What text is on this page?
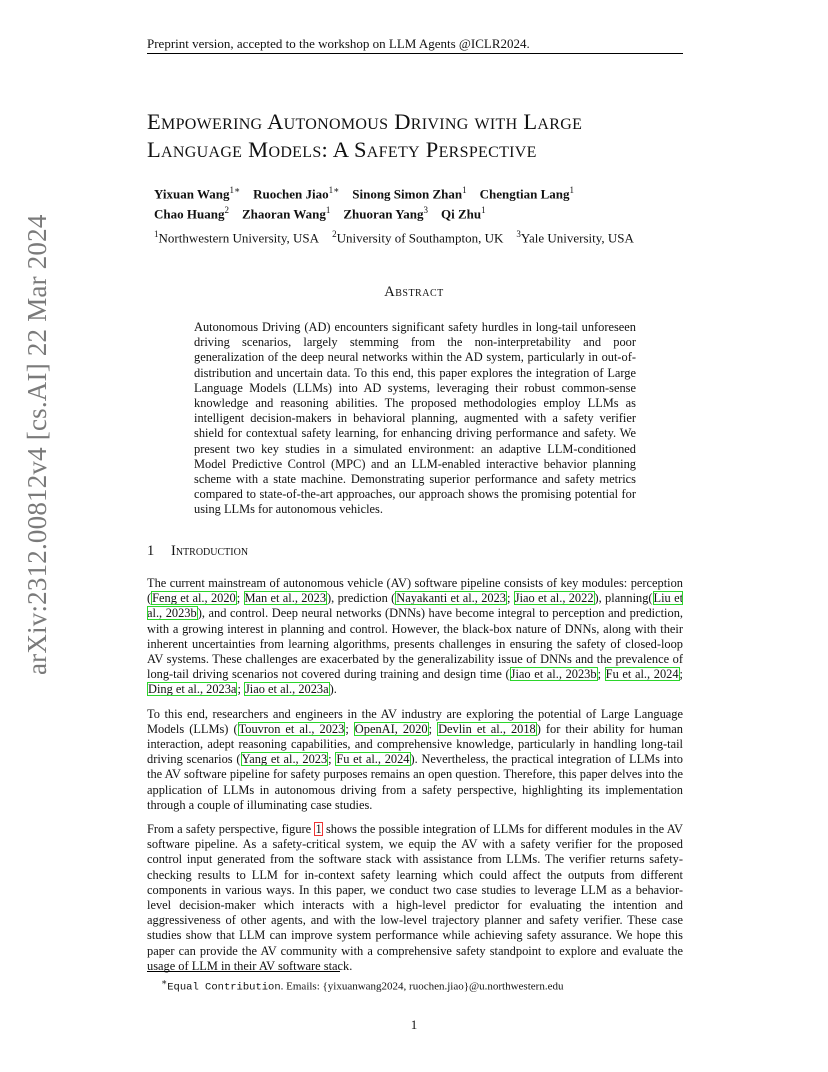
Preprint version, accepted to the workshop on LLM Agents @ICLR2024.
arXiv:2312.00812v4 [cs.AI] 22 Mar 2024
Empowering Autonomous Driving with Large
Language Models: A Safety Perspective
Yixuan Wang$^{1∗}$ Ruochen Jiao$^{1∗}$ Sinong Simon Zhan$^1$ Chengtian Lang$^1$
Chao Huang$^2$ Zhaoran Wang$^1$ Zhuoran Yang$^3$ Qi Zhu$^1$
$^1$Northwestern University, USA $^2$University of Southampton, UK $^3$Yale University, USA
Abstract
Autonomous Driving (AD) encounters significant safety hurdles in long-tail unforeseen driving scenarios, largely stemming from the non-interpretability and poor generalization of the deep neural networks within the AD system, particularly in out-of-distribution and uncertain data. To this end, this paper explores the integration of Large Language Models (LLMs) into AD systems, leveraging their robust common-sense knowledge and reasoning abilities. The proposed methodologies employ LLMs as intelligent decision-makers in behavioral planning, augmented with a safety verifier shield for contextual safety learning, for enhancing driving performance and safety. We present two key studies in a simulated environment: an adaptive LLM-conditioned Model Predictive Control (MPC) and an LLM-enabled interactive behavior planning scheme with a state machine. Demonstrating superior performance and safety metrics compared to state-of-the-art approaches, our approach shows the promising potential for using LLMs for autonomous vehicles.
1 Introduction

The current mainstream of autonomous vehicle (AV) software pipeline consists of key modules: perception (Feng et al., 2020; Man et al., 2023), prediction (Nayakanti et al., 2023; Jiao et al., 2022), planning(Liu et al., 2023b), and control. Deep neural networks (DNNs) have become integral to perception and prediction, with a growing interest in planning and control. However, the black-box nature of DNNs, along with their inherent uncertainties from learning algorithms, presents challenges in ensuring the safety of closed-loop AV systems. These challenges are exacerbated by the generalizability issue of DNNs and the prevalence of long-tail driving scenarios not covered during training and design time (Jiao et al., 2023b; Fu et al., 2024; Ding et al., 2023a; Jiao et al., 2023a).

To this end, researchers and engineers in the AV industry are exploring the potential of Large Language Models (LLMs) (Touvron et al., 2023; OpenAI, 2020; Devlin et al., 2018) for their ability for human interaction, adept reasoning capabilities, and comprehensive knowledge, particularly in handling long-tail driving scenarios (Yang et al., 2023; Fu et al., 2024). Nevertheless, the practical integration of LLMs into the AV software pipeline for safety purposes remains an open question. Therefore, this paper delves into the application of LLMs in autonomous driving from a safety perspective, highlighting its implementation through a couple of illuminating case studies.

From a safety perspective, figure 1 shows the possible integration of LLMs for different modules in the AV software pipeline. As a safety-critical system, we equip the AV with a safety verifier for the proposed control input generated from the software stack with assistance from LLMs. The verifier returns safety-checking results to LLM for in-context safety learning which could affect the outputs from different components in various ways. In this paper, we conduct two case studies to leverage LLM as a behavior-level decision-maker which interacts with a high-level predictor for evaluating the intention and aggressiveness of other agents, and with the low-level trajectory planner and safety verifier. These case studies show that LLM can improve system performance while achieving safety assurance. We hope this paper can provide the AV community with a comprehensive safety standpoint to explore and evaluate the usage of LLM in their AV software stack.

∗Equal Contribution. Emails: {yixuanwang2024, ruochen.jiao}@u.northwestern.edu
1
